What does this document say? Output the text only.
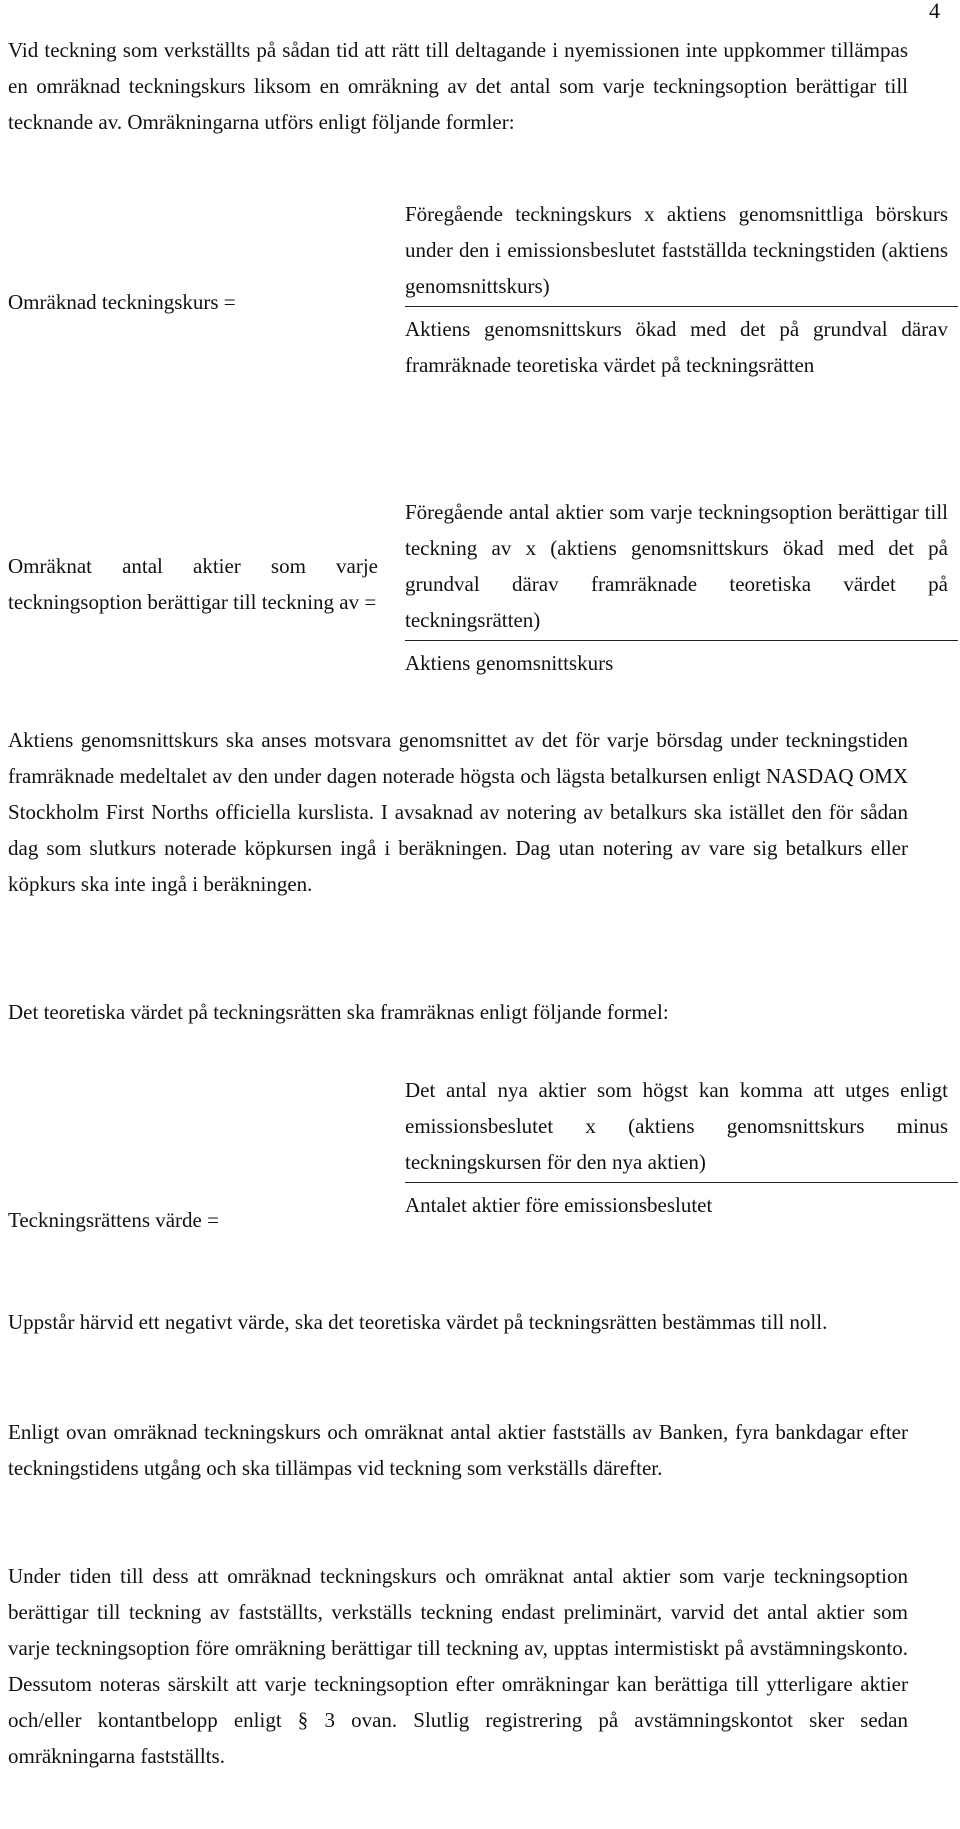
4

Vid teckning som verkställts på sådan tid att rätt till deltagande i nyemissionen inte uppkommer tillämpas en omräknad teckningskurs liksom en omräkning av det antal som varje teckningsoption berättigar till tecknande av. Omräkningarna utförs enligt följande formler:

Omräknad teckningskurs =
Föregående teckningskurs x aktiens genomsnittliga börskurs under den i emissionsbeslutet fastställda teckningstiden (aktiens genomsnittskurs)
Aktiens genomsnittskurs ökad med det på grundval därav framräknade teoretiska värdet på teckningsrätten
Omräknat antal aktier som varje teckningsoption berättigar till teckning av =
Föregående antal aktier som varje teckningsoption berättigar till teckning av x (aktiens genomsnittskurs ökad med det på grundval därav framräknade teoretiska värdet på teckningsrätten)
Aktiens genomsnittskurs

Aktiens genomsnittskurs ska anses motsvara genomsnittet av det för varje börsdag under teckningstiden framräknade medeltalet av den under dagen noterade högsta och lägsta betalkursen enligt NASDAQ OMX Stockholm First Norths officiella kurslista. I avsaknad av notering av betalkurs ska istället den för sådan dag som slutkurs noterade köpkursen ingå i beräkningen. Dag utan notering av vare sig betalkurs eller köpkurs ska inte ingå i beräkningen.

Det teoretiska värdet på teckningsrätten ska framräknas enligt följande formel:

Teckningsrättens värde =
Det antal nya aktier som högst kan komma att utges enligt emissionsbeslutet x (aktiens genomsnittskurs minus teckningskursen för den nya aktien)
Antalet aktier före emissionsbeslutet

Uppstår härvid ett negativt värde, ska det teoretiska värdet på teckningsrätten bestämmas till noll.

Enligt ovan omräknad teckningskurs och omräknat antal aktier fastställs av Banken, fyra bankdagar efter teckningstidens utgång och ska tillämpas vid teckning som verkställs därefter.

Under tiden till dess att omräknad teckningskurs och omräknat antal aktier som varje teckningsoption berättigar till teckning av fastställts, verkställs teckning endast preliminärt, varvid det antal aktier som varje teckningsoption före omräkning berättigar till teckning av, upptas intermistiskt på avstämningskonto. Dessutom noteras särskilt att varje teckningsoption efter omräkningar kan berättiga till ytterligare aktier och/eller kontantbelopp enligt § 3 ovan. Slutlig registrering på avstämningskontot sker sedan omräkningarna fastställts.
